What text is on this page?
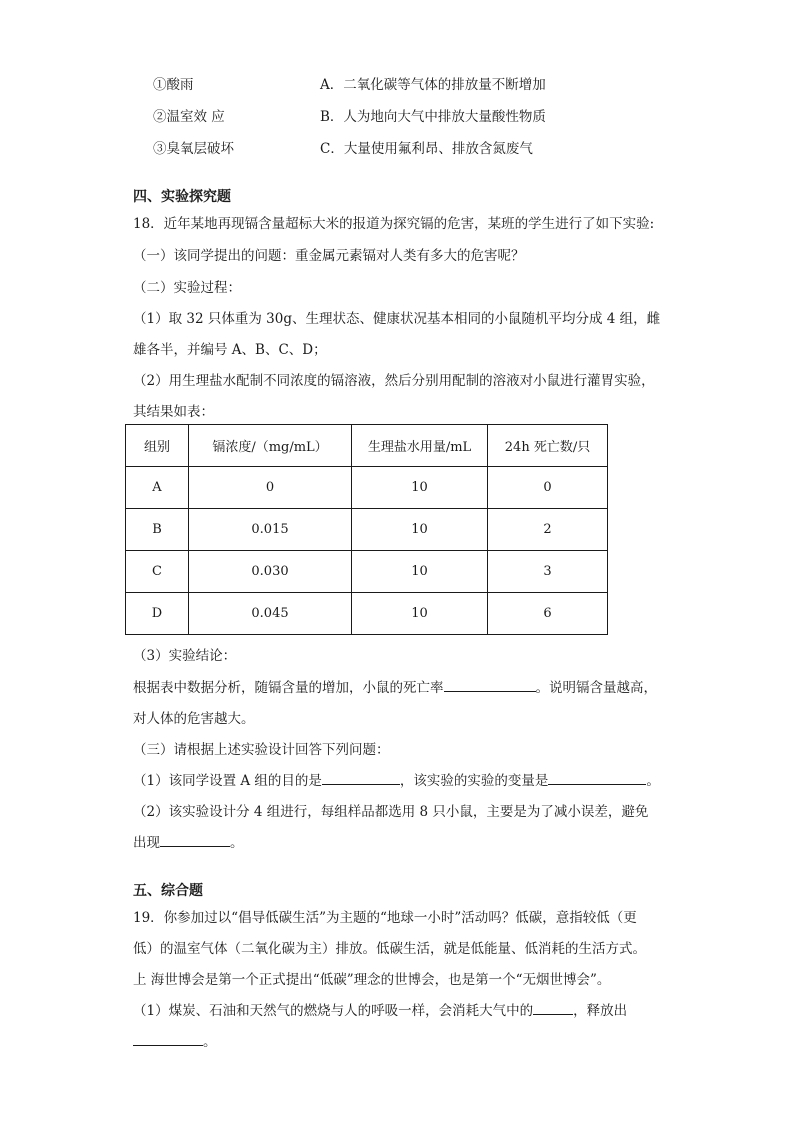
①酸雨	A．二氧化碳等气体的排放量不断增加
②温室效 应	B．人为地向大气中排放大量酸性物质
③臭氧层破坏	C．大量使用氟利昂、排放含氮废气
四、实验探究题
18．近年某地再现镉含量超标大米的报道为探究镉的危害，某班的学生进行了如下实验:
（一）该同学提出的问题：重金属元素镉对人类有多大的危害呢？
（二）实验过程：
（1）取 32 只体重为 30g、生理状态、健康状况基本相同的小鼠随机平均分成 4 组，雌
雄各半，并编号 A、B、C、D；
（2）用生理盐水配制不同浓度的镉溶液，然后分别用配制的溶液对小鼠进行灌胃实验，
其结果如表：
组别	镉浓度/（mg/mL）	生理盐水用量/mL	24h 死亡数/只
A	0	10	0
B	0.015	10	2
C	0.030	10	3
D	0.045	10	6
（3）实验结论：
根据表中数据分析，随镉含量的增加，小鼠的死亡率	。说明镉含量越高，
对人体的危害越大。
（三）请根据上述实验设计回答下列问题：
（1）该同学设置 A 组的目的是	，该实验的实验的变量是	。
（2）该实验设计分 4 组进行，每组样品都选用 8 只小鼠，主要是为了减小误差，避免
出现	。
五、综合题
19．你参加过以“倡导低碳生活”为主题的“地球一小时”活动吗？低碳，意指较低（更
低）的温室气体（二氧化碳为主）排放。低碳生活，就是低能量、低消耗的生活方式。
上 海世博会是第一个正式提出“低碳”理念的世博会，也是第一个“无烟世博会”。
（1）煤炭、石油和天然气的燃烧与人的呼吸一样，会消耗大气中的	，释放出
。
